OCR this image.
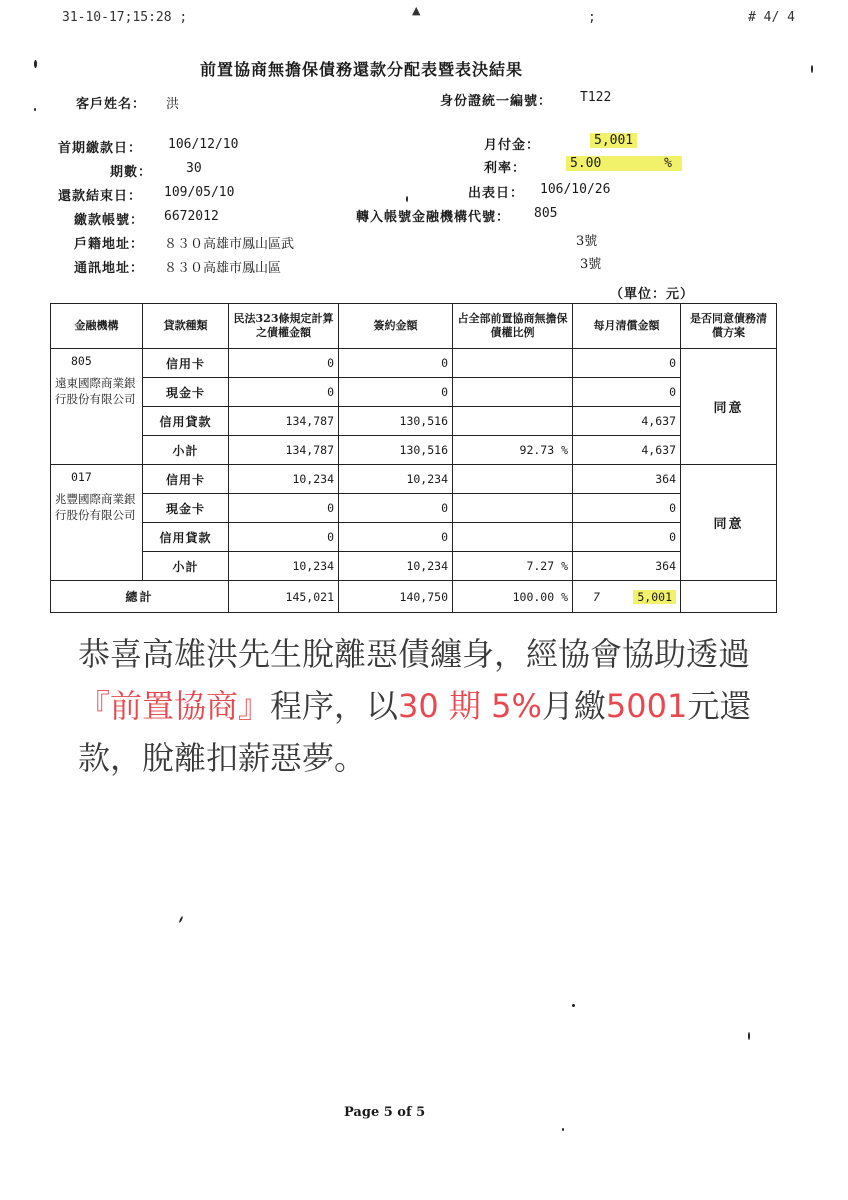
31-10-17;15:28 ;	▲	;	# 4/ 4
前置協商無擔保債務還款分配表暨表決結果
客戶姓名： 洪	身份證統一編號： T122
首期繳款日： 106/12/10	月付金：	5,001
期數：	30	利率：	5.00	%
還款結束日： 109/05/10	出表日： 106/10/26
繳款帳號： 6672012	轉入帳號金融機構代號： 805
戶籍地址： ８３０高雄市鳳山區武	3號
通訊地址： ８３０高雄市鳳山區	3號
（單位：元）
金融機構	貸款種類	民法323條規定計算之債權金額	簽約金額	占全部前置協商無擔保債權比例	每月清償金額	是否同意債務清償方案

805
遠東國際商業銀行股份有限公司	信用卡	0	0		0	同意
	現金卡	0	0		0	
	信用貸款	134,787	130,516		4,637	
	小計	134,787	130,516	92.73 %	4,637	

017
兆豐國際商業銀行股份有限公司	信用卡	10,234	10,234		364	同意
	現金卡	0	0		0	
	信用貸款	0	0		0	
	小計	10,234	10,234	7.27 %	364	
總計		145,021	140,750	100.00 %	7 5,001	
恭喜高雄洪先生脫離惡債纏身，經協會協助透過『前置協商』程序，以30 期 5%月繳5001元還款，脫離扣薪惡夢。
Page 5 of 5
